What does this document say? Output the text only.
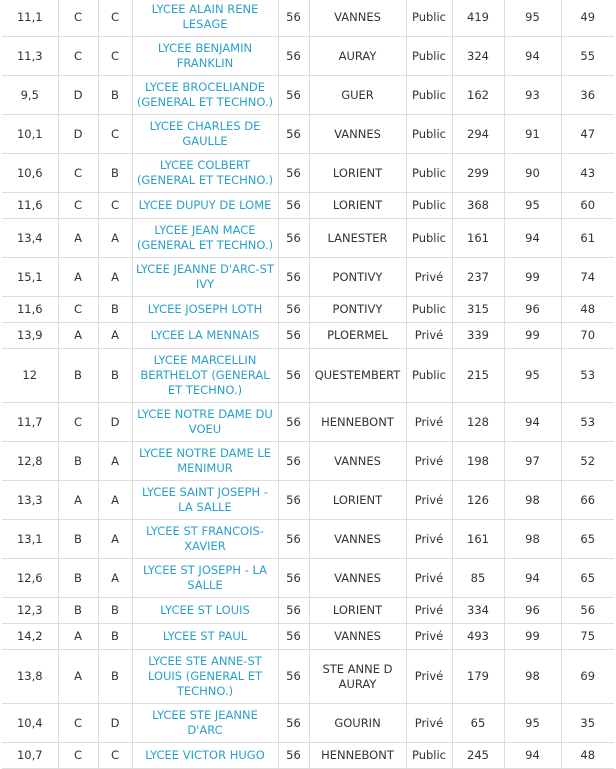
11,1	C	C	LYCEE ALAIN RENE LESAGE	56	VANNES	Public	419	95	49
11,3	C	C	LYCEE BENJAMIN FRANKLIN	56	AURAY	Public	324	94	55
9,5	D	B	LYCEE BROCELIANDE (GENERAL ET TECHNO.)	56	GUER	Public	162	93	36
10,1	D	C	LYCEE CHARLES DE GAULLE	56	VANNES	Public	294	91	47
10,6	C	B	LYCEE COLBERT (GENERAL ET TECHNO.)	56	LORIENT	Public	299	90	43
11,6	C	C	LYCEE DUPUY DE LOME	56	LORIENT	Public	368	95	60
13,4	A	A	LYCEE JEAN MACE (GENERAL ET TECHNO.)	56	LANESTER	Public	161	94	61
15,1	A	A	LYCEE JEANNE D'ARC-ST IVY	56	PONTIVY	Privé	237	99	74
11,6	C	B	LYCEE JOSEPH LOTH	56	PONTIVY	Public	315	96	48
13,9	A	A	LYCEE LA MENNAIS	56	PLOERMEL	Privé	339	99	70
12	B	B	LYCEE MARCELLIN BERTHELOT (GENERAL ET TECHNO.)	56	QUESTEMBERT	Public	215	95	53
11,7	C	D	LYCEE NOTRE DAME DU VOEU	56	HENNEBONT	Privé	128	94	53
12,8	B	A	LYCEE NOTRE DAME LE MENIMUR	56	VANNES	Privé	198	97	52
13,3	A	A	LYCEE SAINT JOSEPH - LA SALLE	56	LORIENT	Privé	126	98	66
13,1	B	A	LYCEE ST FRANCOIS-XAVIER	56	VANNES	Privé	161	98	65
12,6	B	A	LYCEE ST JOSEPH - LA SALLE	56	VANNES	Privé	85	94	65
12,3	B	B	LYCEE ST LOUIS	56	LORIENT	Privé	334	96	56
14,2	A	B	LYCEE ST PAUL	56	VANNES	Privé	493	99	75
13,8	A	B	LYCEE STE ANNE-ST LOUIS (GENERAL ET TECHNO.)	56	STE ANNE D AURAY	Privé	179	98	69
10,4	C	D	LYCEE STE JEANNE D'ARC	56	GOURIN	Privé	65	95	35
10,7	C	C	LYCEE VICTOR HUGO	56	HENNEBONT	Public	245	94	48
